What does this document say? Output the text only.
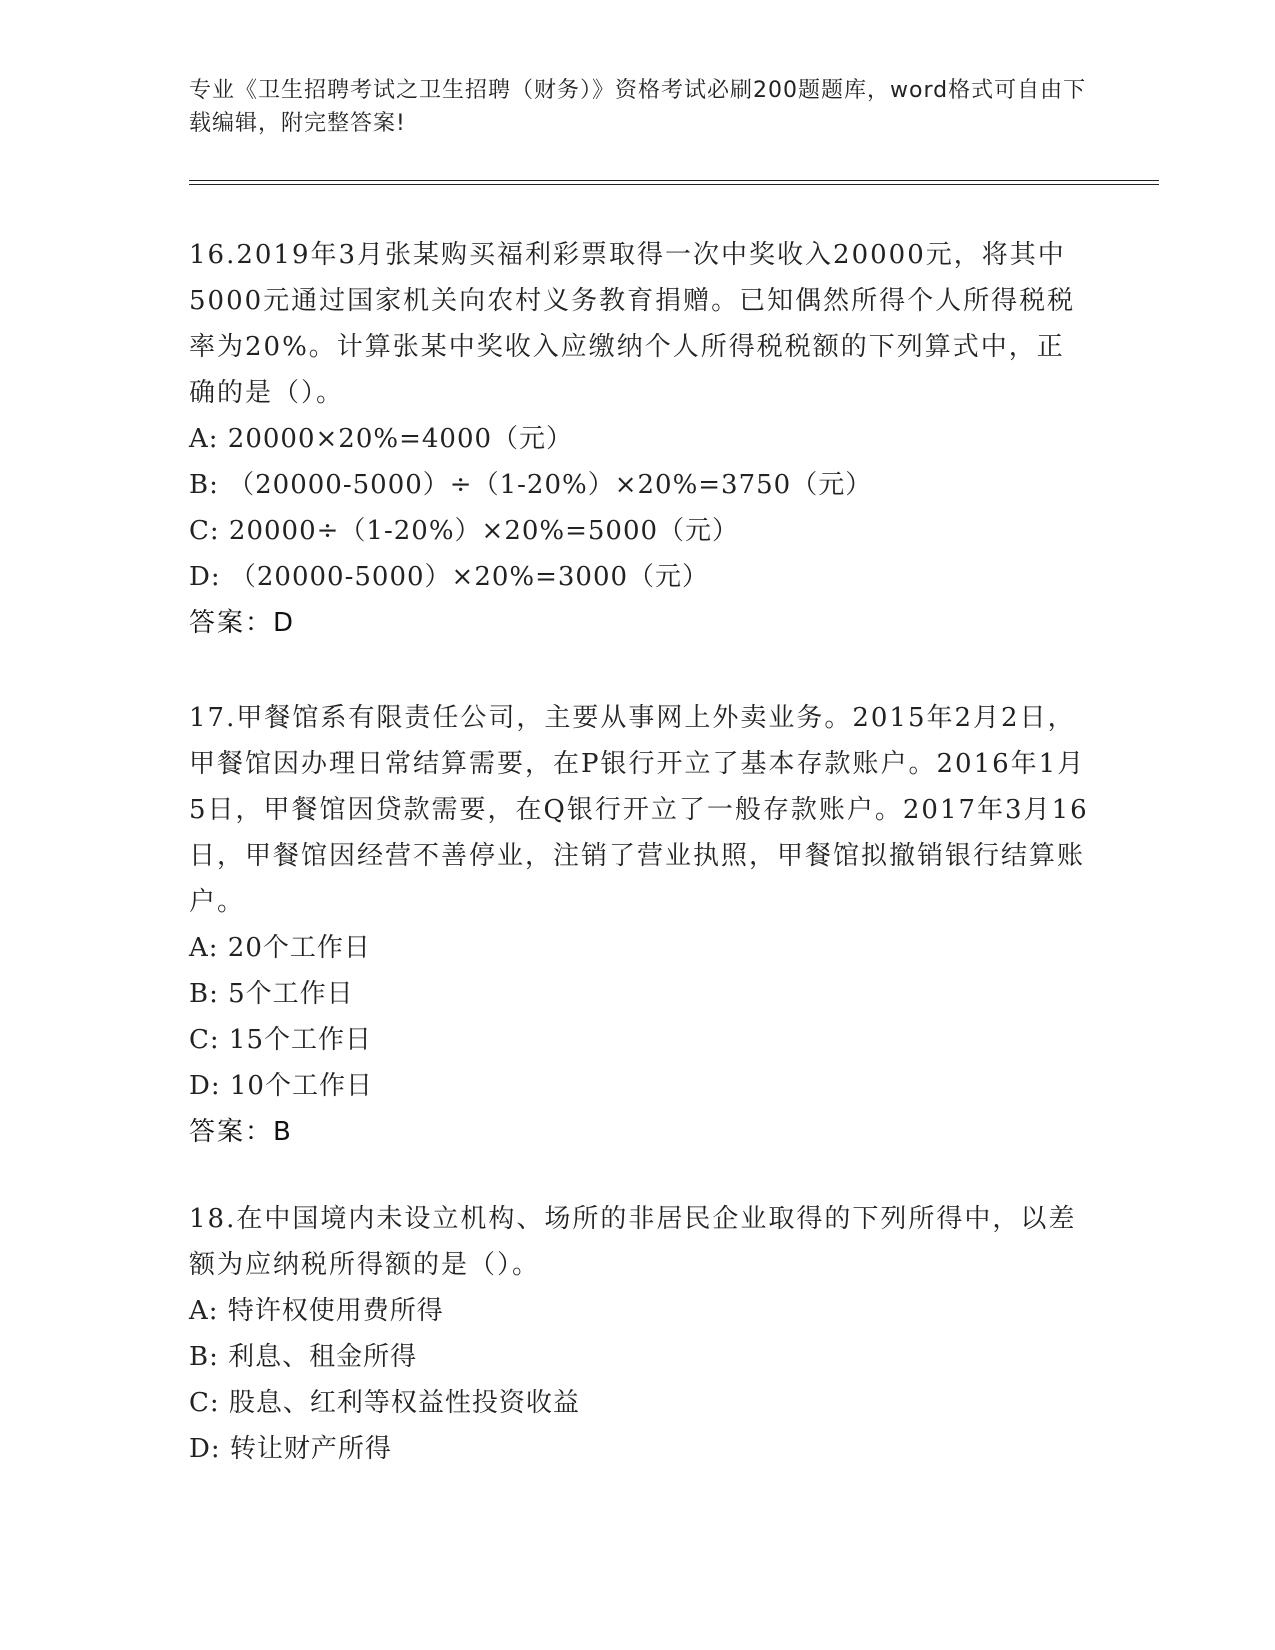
专业《卫生招聘考试之卫生招聘（财务）》资格考试必刷200题题库，word格式可自由下载编辑，附完整答案!

16.2019年3月张某购买福利彩票取得一次中奖收入20000元，将其中5000元通过国家机关向农村义务教育捐赠。已知偶然所得个人所得税税率为20%。计算张某中奖收入应缴纳个人所得税税额的下列算式中，正确的是（）。

A: 20000×20%=4000（元）

B: （20000-5000）÷（1-20%）×20%=3750（元）

C: 20000÷（1-20%）×20%=5000（元）

D: （20000-5000）×20%=3000（元）

答案：D

17.甲餐馆系有限责任公司，主要从事网上外卖业务。2015年2月2日，甲餐馆因办理日常结算需要，在P银行开立了基本存款账户。2016年1月5日，甲餐馆因贷款需要，在Q银行开立了一般存款账户。2017年3月16日，甲餐馆因经营不善停业，注销了营业执照，甲餐馆拟撤销银行结算账户。

A: 20个工作日

B: 5个工作日

C: 15个工作日

D: 10个工作日

答案：B

18.在中国境内未设立机构、场所的非居民企业取得的下列所得中，以差额为应纳税所得额的是（）。

A: 特许权使用费所得

B: 利息、租金所得

C: 股息、红利等权益性投资收益

D: 转让财产所得
